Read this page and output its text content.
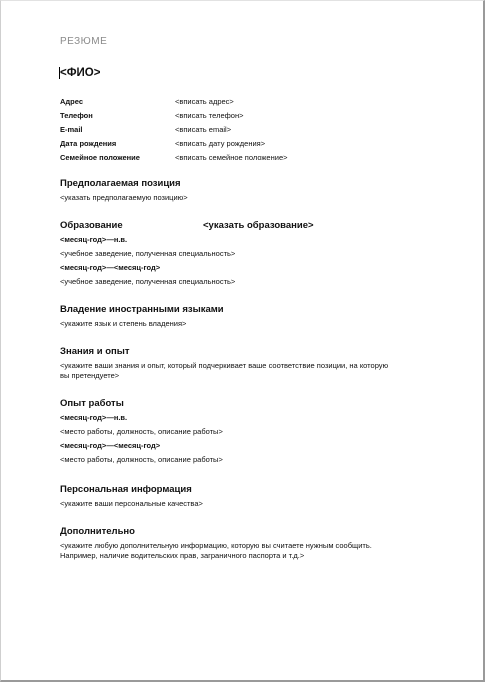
РЕЗЮМЕ
<ФИО>
Адрес	<вписать адрес>
Телефон	<вписать телефон>
E-mail	<вписать email>
Дата рождения	<вписать дату рождения>
Семейное положение	<вписать семейное положение>
Предполагаемая позиция
<указать предполагаемую позицию>
Образование	<указать образование>
<месяц-год>—н.в.
<учебное заведение, полученная специальность>
<месяц-год>—<месяц-год>
<учебное заведение, полученная специальность>
Владение иностранными языками
<укажите язык и степень владения>
Знания и опыт
<укажите ваши знания и опыт, который подчеркивает ваше соответствие позиции, на которую
вы претендуете>
Опыт работы
<месяц-год>—н.в.
<место работы, должность, описание работы>
<месяц-год>—<месяц-год>
<место работы, должность, описание работы>
Персональная информация
<укажите ваши персональные качества>
Дополнительно
<укажите любую дополнительную информацию, которую вы считаете нужным сообщить.
Например, наличие водительских прав, заграничного паспорта и т.д.>
